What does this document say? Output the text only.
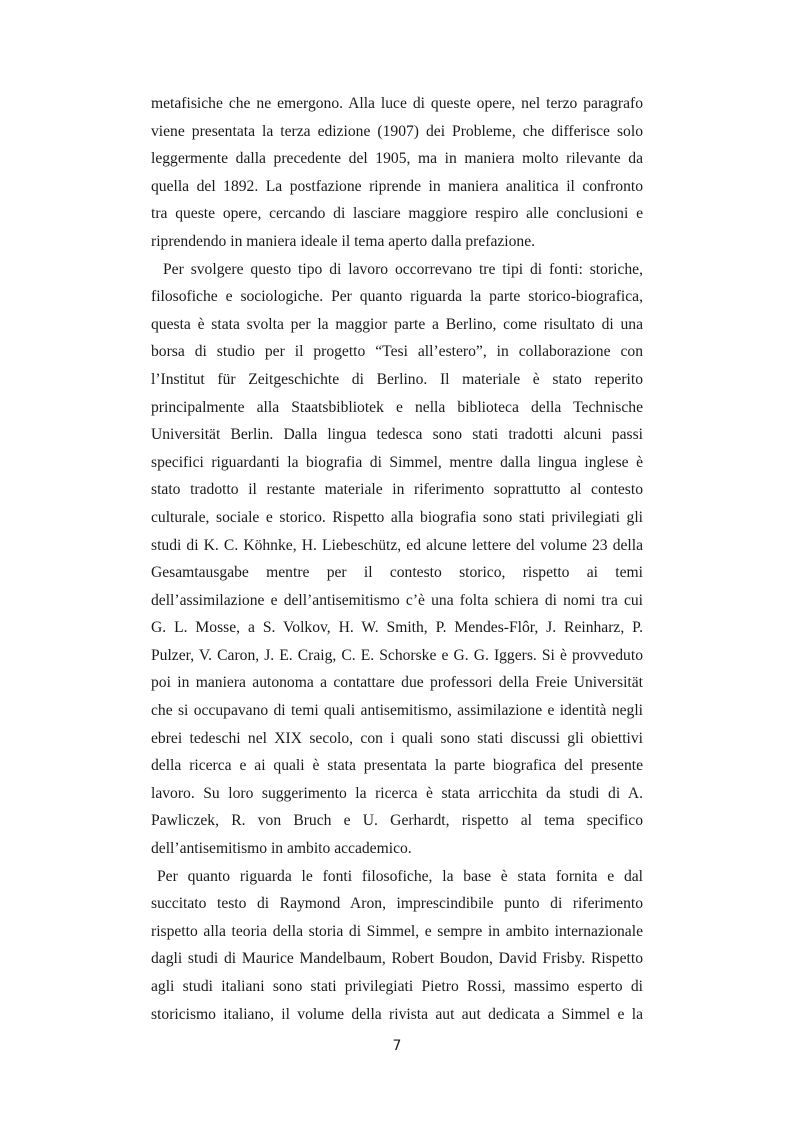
metafisiche che ne emergono. Alla luce di queste opere, nel terzo paragrafo
viene presentata la terza edizione (1907) dei Probleme, che differisce solo
leggermente dalla precedente del 1905, ma in maniera molto rilevante da
quella del 1892. La postfazione riprende in maniera analitica il confronto
tra queste opere, cercando di lasciare maggiore respiro alle conclusioni e
riprendendo in maniera ideale il tema aperto dalla prefazione.
Per svolgere questo tipo di lavoro occorrevano tre tipi di fonti: storiche,
filosofiche e sociologiche. Per quanto riguarda la parte storico-biografica,
questa è stata svolta per la maggior parte a Berlino, come risultato di una
borsa di studio per il progetto “Tesi all’estero”, in collaborazione con
l’Institut für Zeitgeschichte di Berlino. Il materiale è stato reperito
principalmente alla Staatsbibliotek e nella biblioteca della Technische
Universität Berlin. Dalla lingua tedesca sono stati tradotti alcuni passi
specifici riguardanti la biografia di Simmel, mentre dalla lingua inglese è
stato tradotto il restante materiale in riferimento soprattutto al contesto
culturale, sociale e storico. Rispetto alla biografia sono stati privilegiati gli
studi di K. C. Köhnke, H. Liebeschütz, ed alcune lettere del volume 23 della
Gesamtausgabe mentre per il contesto storico, rispetto ai temi
dell’assimilazione e dell’antisemitismo c’è una folta schiera di nomi tra cui
G. L. Mosse, a S. Volkov, H. W. Smith, P. Mendes-Flôr, J. Reinharz, P.
Pulzer, V. Caron, J. E. Craig, C. E. Schorske e G. G. Iggers. Si è provveduto
poi in maniera autonoma a contattare due professori della Freie Universität
che si occupavano di temi quali antisemitismo, assimilazione e identità negli
ebrei tedeschi nel XIX secolo, con i quali sono stati discussi gli obiettivi
della ricerca e ai quali è stata presentata la parte biografica del presente
lavoro. Su loro suggerimento la ricerca è stata arricchita da studi di A.
Pawliczek, R. von Bruch e U. Gerhardt, rispetto al tema specifico
dell’antisemitismo in ambito accademico.
Per quanto riguarda le fonti filosofiche, la base è stata fornita e dal
succitato testo di Raymond Aron, imprescindibile punto di riferimento
rispetto alla teoria della storia di Simmel, e sempre in ambito internazionale
dagli studi di Maurice Mandelbaum, Robert Boudon, David Frisby. Rispetto
agli studi italiani sono stati privilegiati Pietro Rossi, massimo esperto di
storicismo italiano, il volume della rivista aut aut dedicata a Simmel e la
7
